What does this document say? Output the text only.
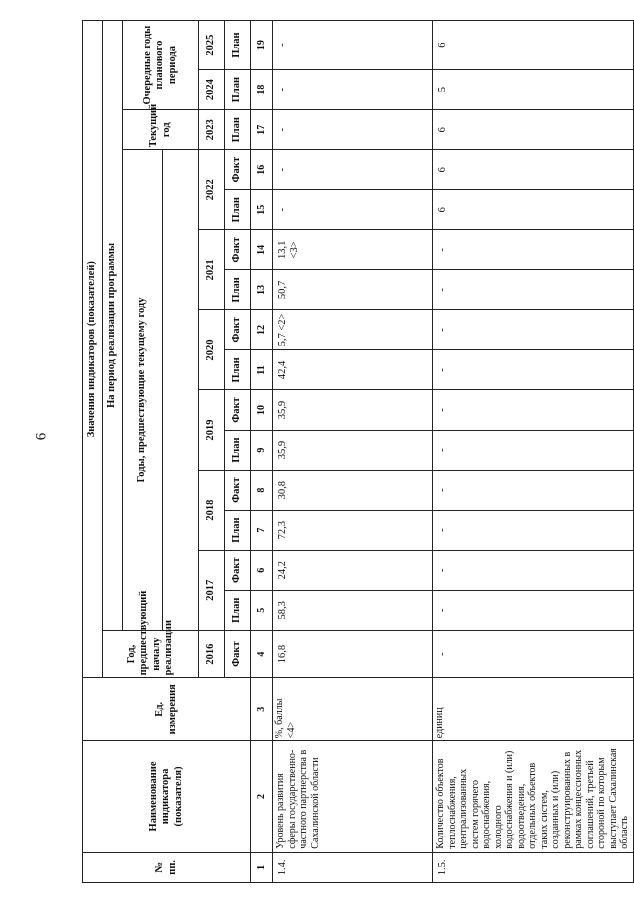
6
№ пп.	Наименование индикатора (показателя)	Ед. измерения	Значения индикаторов (показателей)															
			Год, предшествующий началу реализации	На период реализации программы														
				Годы, предшествующие текущему году												Текущий год	Очередные годы планового периода	

			2016	2017		2018		2019		2020		2021		2022		2023	2024	2025
			Факт	План	Факт	План	Факт	План	Факт	План	Факт	План	Факт	План	Факт	План	План	План
1	2	3	4	5	6	7	8	9	10	11	12	13	14	15	16	17	18	19
1.4.	Уровень развития сферы государственно-частного партнерства в Сахалинской области	%, баллы <4>	16,8	58,3	24,2	72,3	30,8	35,9	35,9	42,4	5,7 <2>	50,7	13,1 <3>	-	-	-	-	-
1.5.	Количество объектов теплоснабжения, централизованных систем горячего водоснабжения, холодного водоснабжения и (или) водоотведения, отдельных объектов таких систем, созданных и (или) реконструированных в рамках концессионных соглашений, третьей стороной по которым выступает Сахалинская область	единиц	-	-	-	-	-	-	-	-	-	-	-	6	6	6	5	6
